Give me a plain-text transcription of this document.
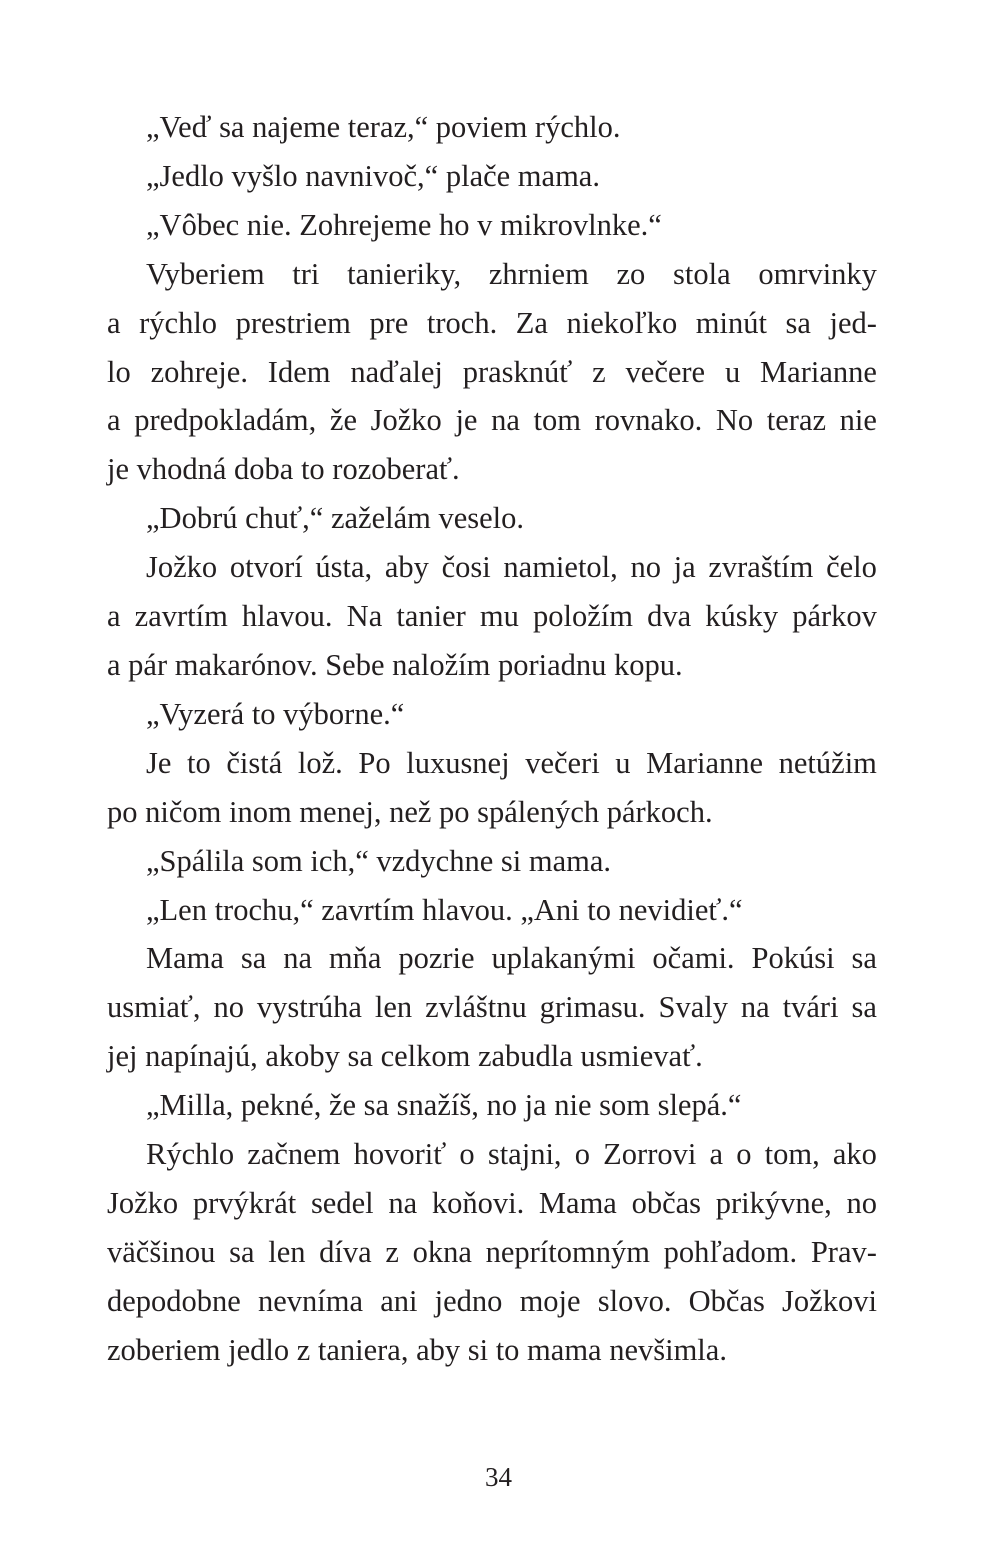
„Veď sa najeme teraz,“ poviem rýchlo.
„Jedlo vyšlo navnivoč,“ plače mama.
„Vôbec nie. Zohrejeme ho v mikrovlnke.“
Vyberiem tri tanieriky, zhrniem zo stola omrvinky
a rýchlo prestriem pre troch. Za niekoľko minút sa jed-
lo zohreje. Idem naďalej prasknúť z večere u Marianne
a predpokladám, že Jožko je na tom rovnako. No teraz nie
je vhodná doba to rozoberať.
„Dobrú chuť,“ zaželám veselo.
Jožko otvorí ústa, aby čosi namietol, no ja zvraštím čelo
a zavrtím hlavou. Na tanier mu položím dva kúsky párkov
a pár makarónov. Sebe naložím poriadnu kopu.
„Vyzerá to výborne.“
Je to čistá lož. Po luxusnej večeri u Marianne netúžim
po ničom inom menej, než po spálených párkoch.
„Spálila som ich,“ vzdychne si mama.
„Len trochu,“ zavrtím hlavou. „Ani to nevidieť.“
Mama sa na mňa pozrie uplakanými očami. Pokúsi sa
usmiať, no vystrúha len zvláštnu grimasu. Svaly na tvári sa
jej napínajú, akoby sa celkom zabudla usmievať.
„Milla, pekné, že sa snažíš, no ja nie som slepá.“
Rýchlo začnem hovoriť o stajni, o Zorrovi a o tom, ako
Jožko prvýkrát sedel na koňovi. Mama občas prikývne, no
väčšinou sa len díva z okna neprítomným pohľadom. Prav-
depodobne nevníma ani jedno moje slovo. Občas Jožkovi
zoberiem jedlo z taniera, aby si to mama nevšimla.
34
